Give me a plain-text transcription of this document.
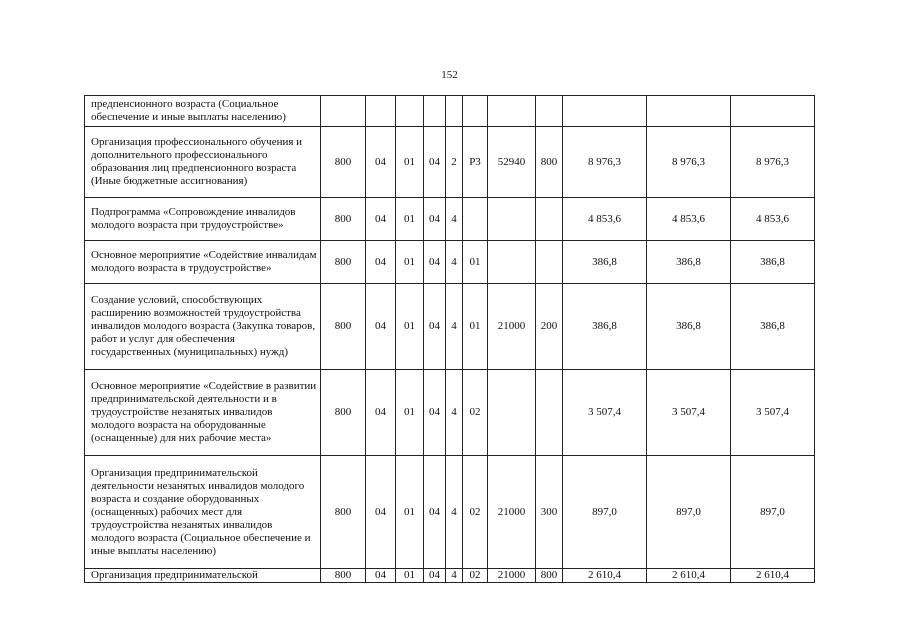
152
предпенсионного возраста (Социальное обеспечение и иные выплаты населению)											
Организация профессионального обучения и дополнительного профессионального образования лиц предпенсионного возраста (Иные бюджетные ассигнования)	800	04	01	04	2	Р3	52940	800	8 976,3	8 976,3	8 976,3
Подпрограмма «Сопровождение инвалидов молодого возраста при трудоустройстве»	800	04	01	04	4				4 853,6	4 853,6	4 853,6
Основное мероприятие «Содействие инвалидам молодого возраста в трудоустройстве»	800	04	01	04	4	01			386,8	386,8	386,8
Создание условий, способствующих расширению возможностей трудоустройства инвалидов молодого возраста (Закупка товаров, работ и услуг для обеспечения государственных (муниципальных) нужд)	800	04	01	04	4	01	21000	200	386,8	386,8	386,8
Основное мероприятие «Содействие в развитии предпринимательской деятельности и в трудоустройстве незанятых инвалидов молодого возраста на оборудованные (оснащенные) для них рабочие места»	800	04	01	04	4	02			3 507,4	3 507,4	3 507,4
Организация предпринимательской деятельности незанятых инвалидов молодого возраста и создание оборудованных (оснащенных) рабочих мест для трудоустройства незанятых инвалидов молодого возраста (Социальное обеспечение и иные выплаты населению)	800	04	01	04	4	02	21000	300	897,0	897,0	897,0
Организация предпринимательской	800	04	01	04	4	02	21000	800	2 610,4	2 610,4	2 610,4
